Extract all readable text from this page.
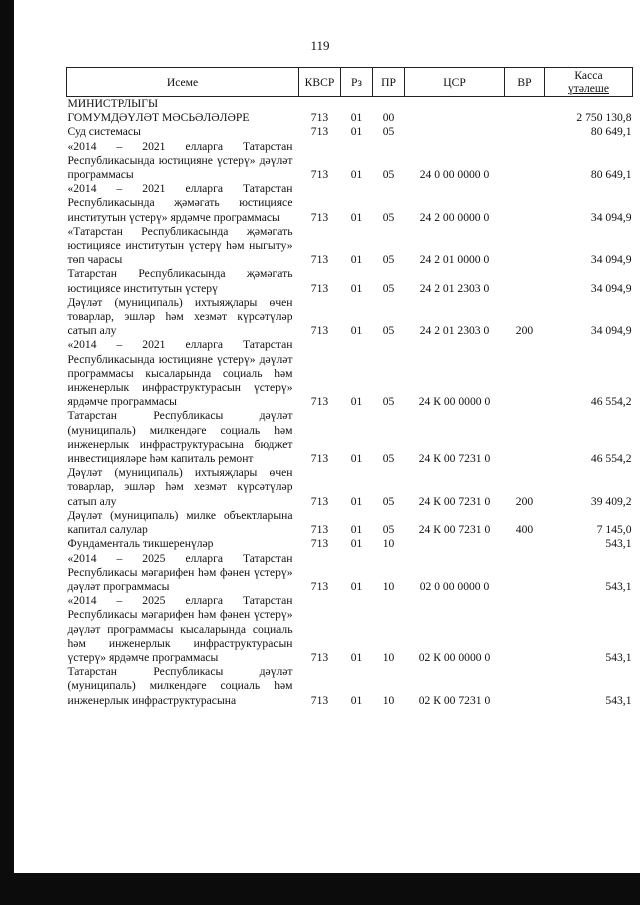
119
Исеме	КВСР	Рз	ПР	ЦСР	ВР	Касса
үтәлеше
МИНИСТРЛЫГЫ						
ГОМУМДӘҮЛӘТ МӘСЬӘЛӘЛӘРЕ	713	01	00			2 750 130,8
Суд системасы	713	01	05			80 649,1
«2014 – 2021 елларга Татарстан Республикасында юстицияне үстерү» дәүләт программасы	713	01	05	24 0 00 0000 0		80 649,1
«2014 – 2021 елларга Татарстан Республикасында җәмәгать юстициясе институтын үстерү» ярдәмче программасы	713	01	05	24 2 00 0000 0		34 094,9
«Татарстан Республикасында җәмәгать юстициясе институтын үстерү һәм ныгыту» төп чарасы	713	01	05	24 2 01 0000 0		34 094,9
Татарстан Республикасында җәмәгать юстициясе институтын үстерү	713	01	05	24 2 01 2303 0		34 094,9
Дәүләт (муниципаль) ихтыяҗлары өчен товарлар, эшләр һәм хезмәт күрсәтүләр сатып алу	713	01	05	24 2 01 2303 0	200	34 094,9
«2014 – 2021 елларга Татарстан Республикасында юстицияне үстерү» дәүләт программасы кысаларында социаль һәм инженерлык инфраструктурасын үстерү» ярдәмче программасы	713	01	05	24 К 00 0000 0		46 554,2
Татарстан Республикасы дәүләт (муниципаль) милкендәге социаль һәм инженерлык инфраструктурасына бюджет инвестицияләре һәм капиталь ремонт	713	01	05	24 К 00 7231 0		46 554,2
Дәүләт (муниципаль) ихтыяҗлары өчен товарлар, эшләр һәм хезмәт күрсәтүләр сатып алу	713	01	05	24 К 00 7231 0	200	39 409,2
Дәүләт (муниципаль) милке объектларына капитал салулар	713	01	05	24 К 00 7231 0	400	7 145,0
Фундаменталь тикшеренүләр	713	01	10			543,1
«2014 – 2025 елларга Татарстан Республикасы мәгарифен һәм фәнен үстерү» дәүләт программасы	713	01	10	02 0 00 0000 0		543,1
«2014 – 2025 елларга Татарстан Республикасы мәгарифен һәм фәнен үстерү» дәүләт программасы кысаларында социаль һәм инженерлык инфраструктурасын үстерү» ярдәмче программасы	713	01	10	02 К 00 0000 0		543,1
Татарстан Республикасы дәүләт (муниципаль) милкендәге социаль һәм инженерлык инфраструктурасына	713	01	10	02 К 00 7231 0		543,1
